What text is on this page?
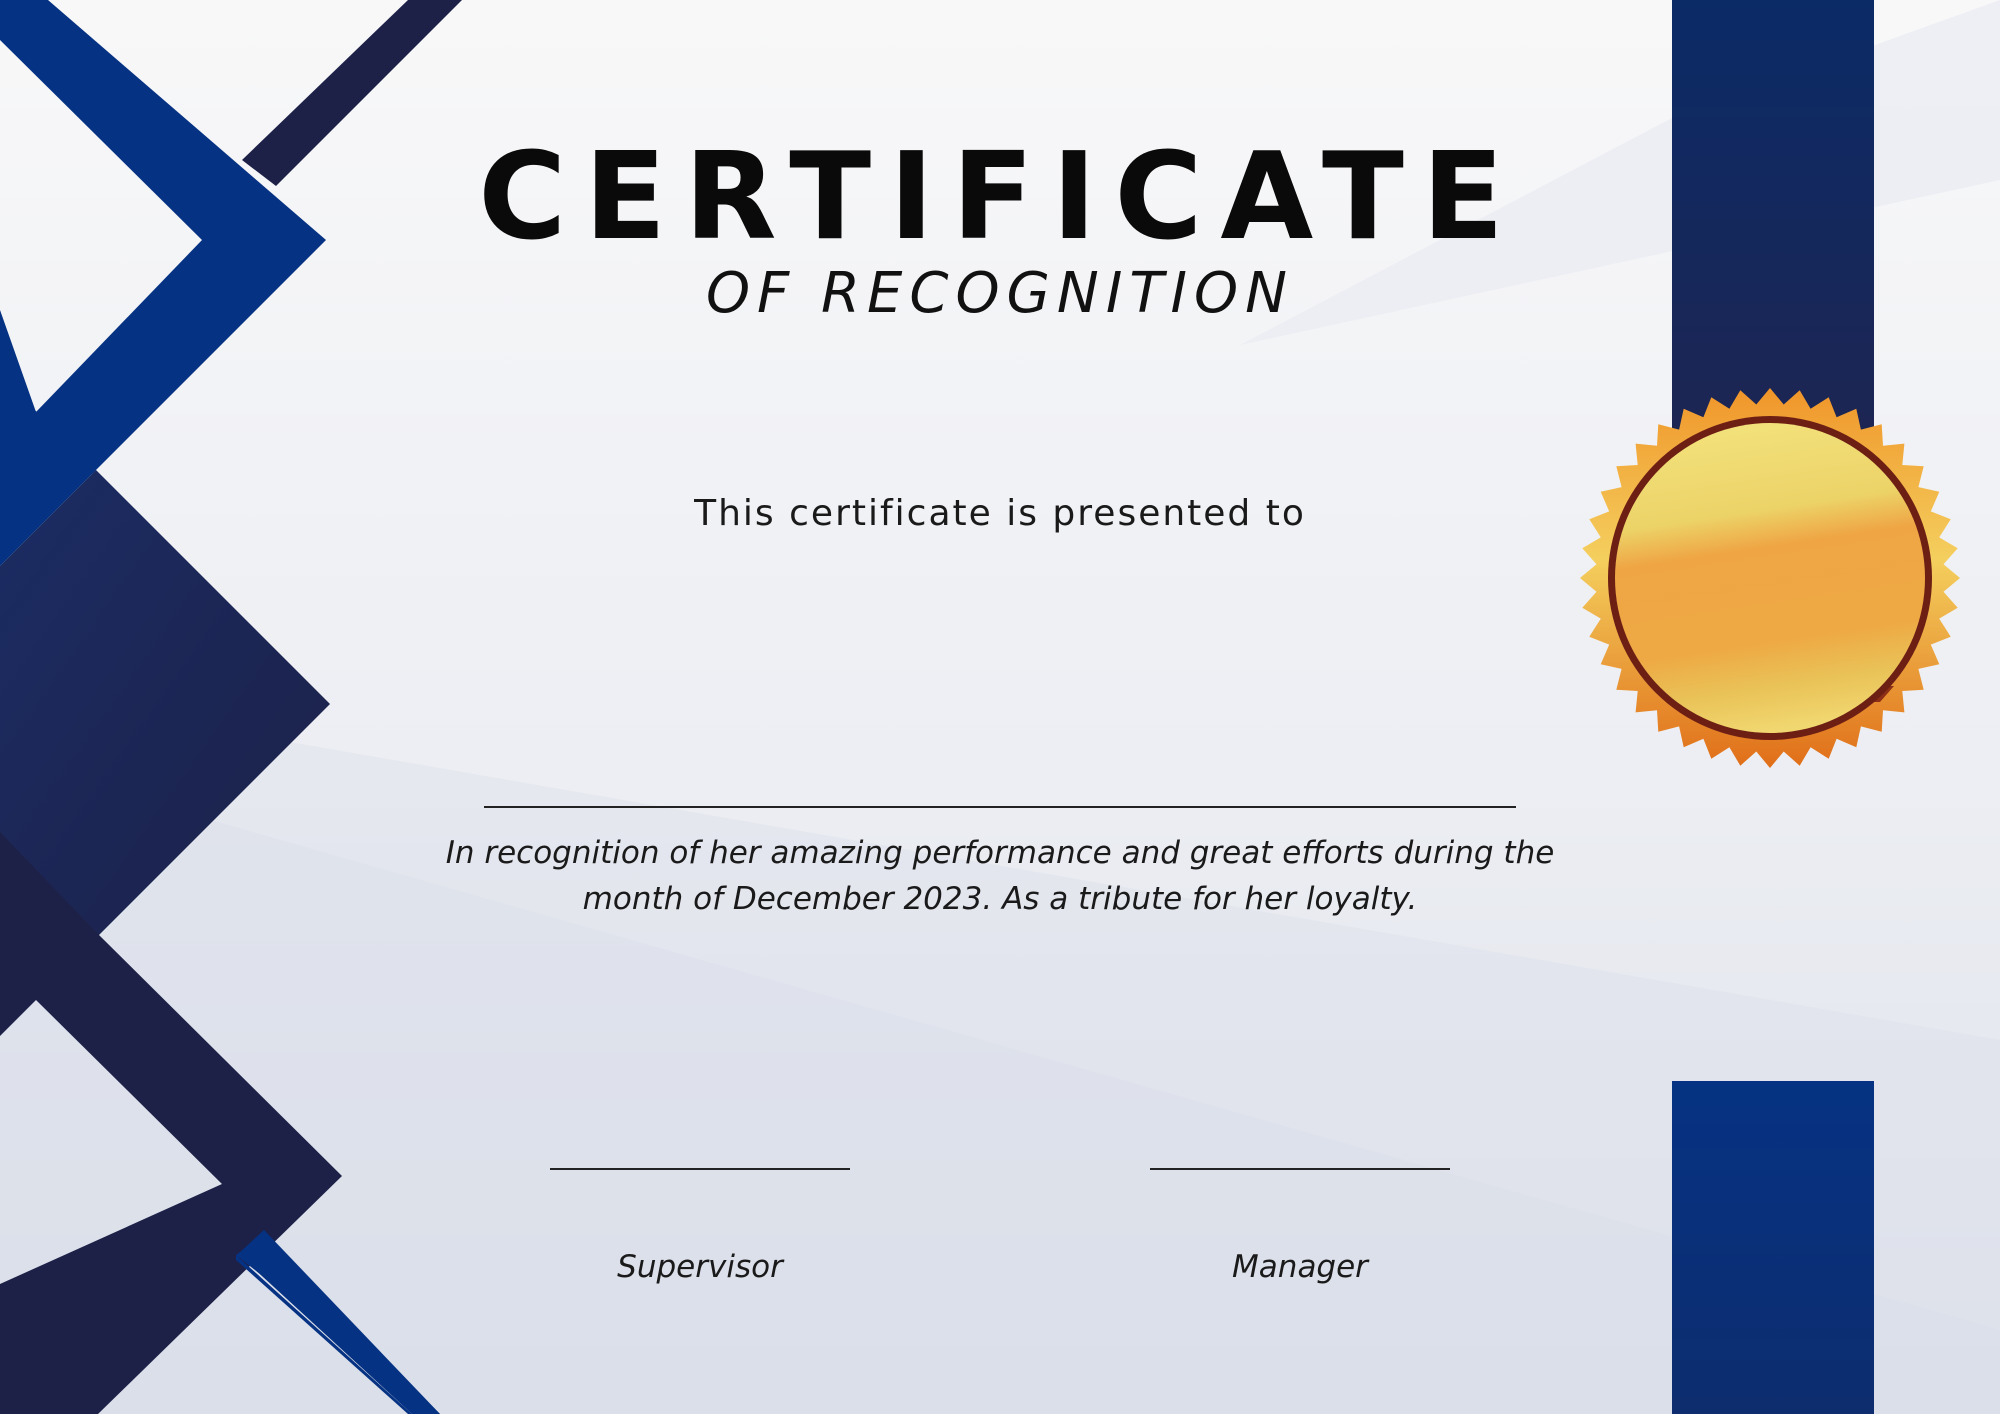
CERTIFICATE
OF RECOGNITION
This certificate is presented to
In recognition of her amazing performance and great efforts during the
month of December 2023. As a tribute for her loyalty.
Supervisor	Manager
